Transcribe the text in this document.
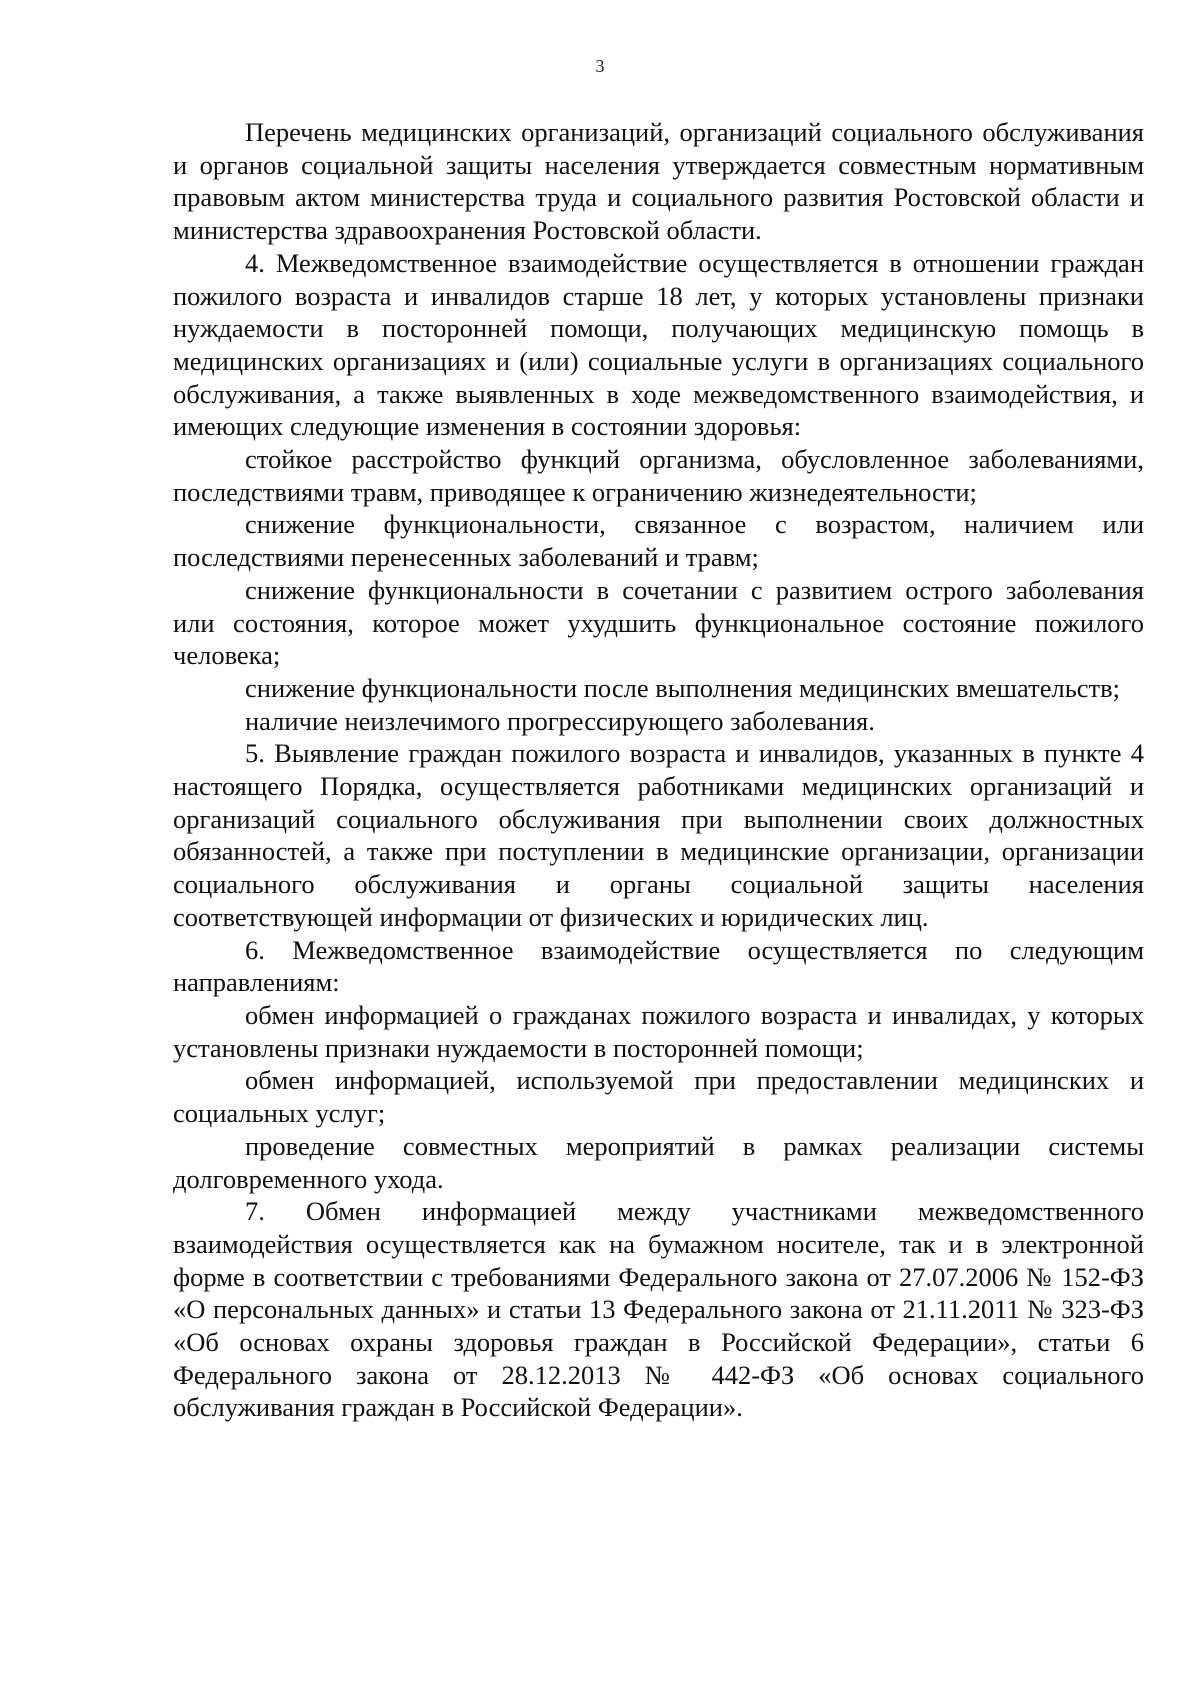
3

Перечень медицинских организаций, организаций социального обслуживания и органов социальной защиты населения утверждается совместным нормативным правовым актом министерства труда и социального развития Ростовской области и министерства здравоохранения Ростовской области.

4. Межведомственное взаимодействие осуществляется в отношении граждан пожилого возраста и инвалидов старше 18 лет, у которых установлены признаки нуждаемости в посторонней помощи, получающих медицинскую помощь в медицинских организациях и (или) социальные услуги в организациях социального обслуживания, а также выявленных в ходе межведомственного взаимодействия, и имеющих следующие изменения в состоянии здоровья:

стойкое расстройство функций организма, обусловленное заболеваниями, последствиями травм, приводящее к ограничению жизнедеятельности;

снижение функциональности, связанное с возрастом, наличием или последствиями перенесенных заболеваний и травм;

снижение функциональности в сочетании с развитием острого заболевания или состояния, которое может ухудшить функциональное состояние пожилого человека;

снижение функциональности после выполнения медицинских вмешательств;

наличие неизлечимого прогрессирующего заболевания.

5. Выявление граждан пожилого возраста и инвалидов, указанных в пункте 4 настоящего Порядка, осуществляется работниками медицинских организаций и организаций социального обслуживания при выполнении своих должностных обязанностей, а также при поступлении в медицинские организации, организации социального обслуживания и органы социальной защиты населения соответствующей информации от физических и юридических лиц.

6. Межведомственное взаимодействие осуществляется по следующим направлениям:

обмен информацией о гражданах пожилого возраста и инвалидах, у которых установлены признаки нуждаемости в посторонней помощи;

обмен информацией, используемой при предоставлении медицинских и социальных услуг;

проведение совместных мероприятий в рамках реализации системы долговременного ухода.

7. Обмен информацией между участниками межведомственного взаимодействия осуществляется как на бумажном носителе, так и в электронной форме в соответствии с требованиями Федерального закона от 27.07.2006 № 152-ФЗ «О персональных данных» и статьи 13 Федерального закона от 21.11.2011 № 323-ФЗ «Об основах охраны здоровья граждан в Российской Федерации», статьи 6 Федерального закона от 28.12.2013 № 442-ФЗ «Об основах социального обслуживания граждан в Российской Федерации».
